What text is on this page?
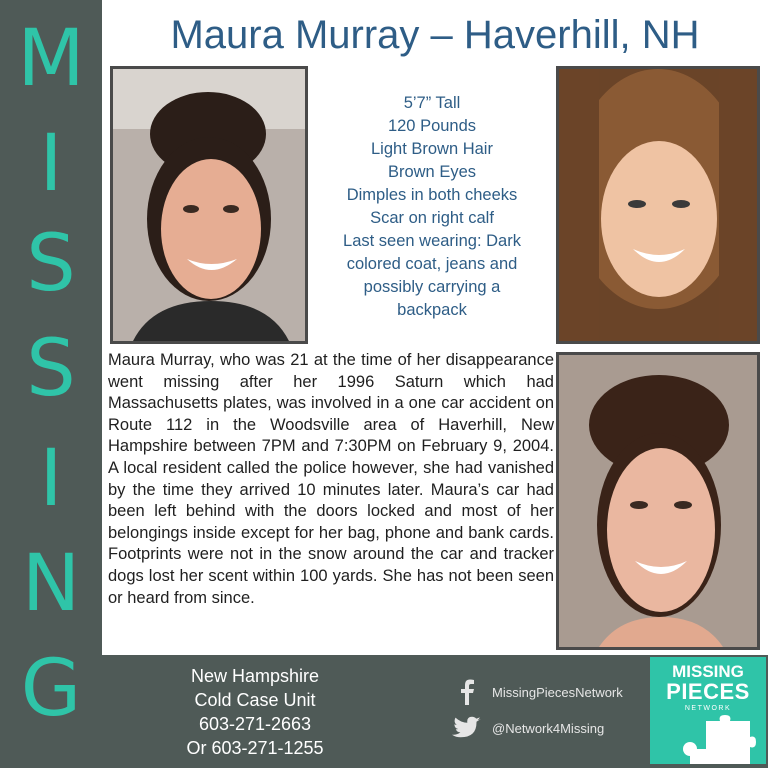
M
I
S
S
I
N
G
Maura Murray – Haverhill, NH
5’7” Tall
120 Pounds
Light Brown Hair
Brown Eyes
Dimples in both cheeks
Scar on right calf
Last seen wearing: Dark
colored coat, jeans and
possibly carrying a
backpack
Maura Murray, who was 21 at the time of her disappearance went missing after her 1996 Saturn which had Massachusetts plates, was involved in a one car accident on Route 112 in the Woodsville area of Haverhill, New Hampshire between 7PM and 7:30PM on February 9, 2004. A local resident called the police however, she had vanished by the time they arrived 10 minutes later. Maura’s car had been left behind with the doors locked and most of her belongings inside except for her bag, phone and bank cards. Footprints were not in the snow around the car and tracker dogs lost her scent within 100 yards. She has not been seen or heard from since.
New Hampshire
Cold Case Unit
603-271-2663
Or 603-271-1255
MissingPiecesNetwork
@Network4Missing
MISSING
PIECES
NETWORK
